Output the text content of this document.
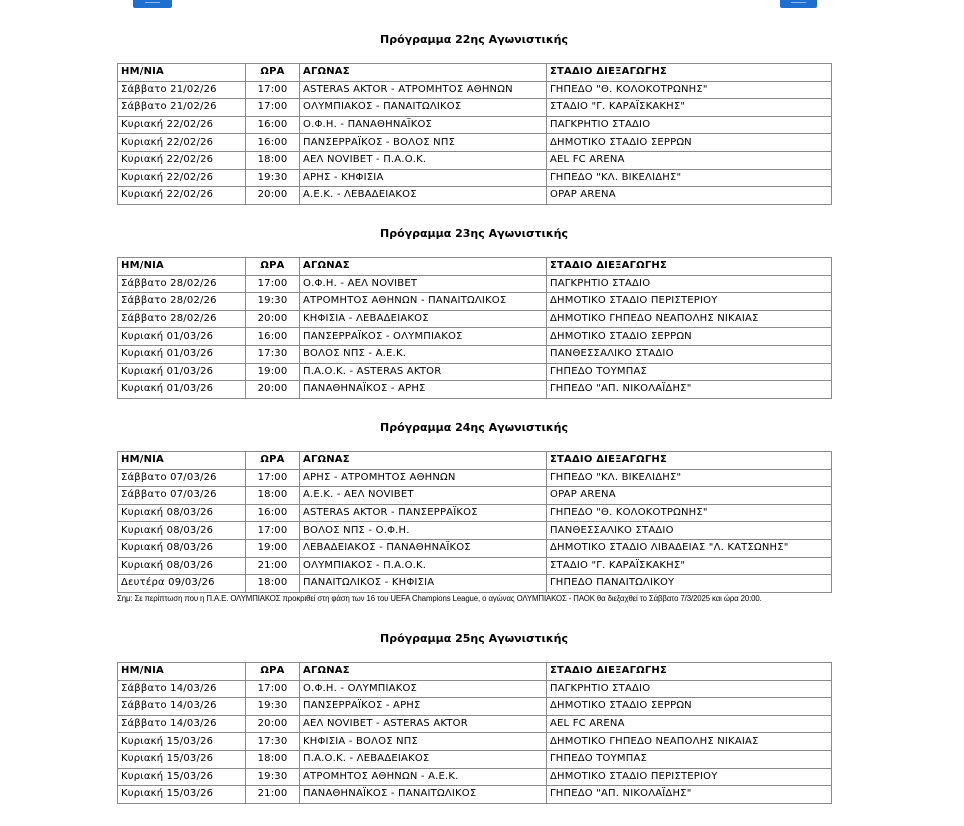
Πρόγραμμα 22ης Αγωνιστικής
ΗΜ/ΝΙΑ	ΩΡΑ	ΑΓΩΝΑΣ	ΣΤΑΔΙΟ ΔΙΕΞΑΓΩΓΗΣ
Σάββατο 21/02/26	17:00	ASTERAS AKTOR - ΑΤΡΟΜΗΤΟΣ ΑΘΗΝΩΝ	ΓΗΠΕΔΟ "Θ. ΚΟΛΟΚΟΤΡΩΝΗΣ"
Σάββατο 21/02/26	17:00	ΟΛΥΜΠΙΑΚΟΣ - ΠΑΝΑΙΤΩΛΙΚΟΣ	ΣΤΑΔΙΟ "Γ. ΚΑΡΑΪΣΚΑΚΗΣ"
Κυριακή 22/02/26	16:00	Ο.Φ.Η. - ΠΑΝΑΘΗΝΑΪΚΟΣ	ΠΑΓΚΡΗΤΙΟ ΣΤΑΔΙΟ
Κυριακή 22/02/26	16:00	ΠΑΝΣΕΡΡΑΪΚΟΣ - ΒΟΛΟΣ ΝΠΣ	ΔΗΜΟΤΙΚΟ ΣΤΑΔΙΟ ΣΕΡΡΩΝ
Κυριακή 22/02/26	18:00	ΑΕΛ NOVIBET - Π.Α.Ο.Κ.	AEL FC ARENA
Κυριακή 22/02/26	19:30	ΑΡΗΣ - ΚΗΦΙΣΙΑ	ΓΗΠΕΔΟ "ΚΛ. ΒΙΚΕΛΙΔΗΣ"
Κυριακή 22/02/26	20:00	Α.Ε.Κ. - ΛΕΒΑΔΕΙΑΚΟΣ	OPAP ARENA
Πρόγραμμα 23ης Αγωνιστικής
ΗΜ/ΝΙΑ	ΩΡΑ	ΑΓΩΝΑΣ	ΣΤΑΔΙΟ ΔΙΕΞΑΓΩΓΗΣ
Σάββατο 28/02/26	17:00	Ο.Φ.Η. - ΑΕΛ NOVIBET	ΠΑΓΚΡΗΤΙΟ ΣΤΑΔΙΟ
Σάββατο 28/02/26	19:30	ΑΤΡΟΜΗΤΟΣ ΑΘΗΝΩΝ - ΠΑΝΑΙΤΩΛΙΚΟΣ	ΔΗΜΟΤΙΚΟ ΣΤΑΔΙΟ ΠΕΡΙΣΤΕΡΙΟΥ
Σάββατο 28/02/26	20:00	ΚΗΦΙΣΙΑ - ΛΕΒΑΔΕΙΑΚΟΣ	ΔΗΜΟΤΙΚΟ ΓΗΠΕΔΟ ΝΕΑΠΟΛΗΣ ΝΙΚΑΙΑΣ
Κυριακή 01/03/26	16:00	ΠΑΝΣΕΡΡΑΪΚΟΣ - ΟΛΥΜΠΙΑΚΟΣ	ΔΗΜΟΤΙΚΟ ΣΤΑΔΙΟ ΣΕΡΡΩΝ
Κυριακή 01/03/26	17:30	ΒΟΛΟΣ ΝΠΣ - Α.Ε.Κ.	ΠΑΝΘΕΣΣΑΛΙΚΟ ΣΤΑΔΙΟ
Κυριακή 01/03/26	19:00	Π.Α.Ο.Κ. - ASTERAS AKTOR	ΓΗΠΕΔΟ ΤΟΥΜΠΑΣ
Κυριακή 01/03/26	20:00	ΠΑΝΑΘΗΝΑΪΚΟΣ - ΑΡΗΣ	ΓΗΠΕΔΟ "ΑΠ. ΝΙΚΟΛΑΪΔΗΣ"
Πρόγραμμα 24ης Αγωνιστικής
ΗΜ/ΝΙΑ	ΩΡΑ	ΑΓΩΝΑΣ	ΣΤΑΔΙΟ ΔΙΕΞΑΓΩΓΗΣ
Σάββατο 07/03/26	17:00	ΑΡΗΣ - ΑΤΡΟΜΗΤΟΣ ΑΘΗΝΩΝ	ΓΗΠΕΔΟ "ΚΛ. ΒΙΚΕΛΙΔΗΣ"
Σάββατο 07/03/26	18:00	Α.Ε.Κ. - ΑΕΛ NOVIBET	OPAP ARENA
Κυριακή 08/03/26	16:00	ASTERAS AKTOR - ΠΑΝΣΕΡΡΑΪΚΟΣ	ΓΗΠΕΔΟ "Θ. ΚΟΛΟΚΟΤΡΩΝΗΣ"
Κυριακή 08/03/26	17:00	ΒΟΛΟΣ ΝΠΣ - Ο.Φ.Η.	ΠΑΝΘΕΣΣΑΛΙΚΟ ΣΤΑΔΙΟ
Κυριακή 08/03/26	19:00	ΛΕΒΑΔΕΙΑΚΟΣ - ΠΑΝΑΘΗΝΑΪΚΟΣ	ΔΗΜΟΤΙΚΟ ΣΤΑΔΙΟ ΛΙΒΑΔΕΙΑΣ "Λ. ΚΑΤΣΩΝΗΣ"
Κυριακή 08/03/26	21:00	ΟΛΥΜΠΙΑΚΟΣ - Π.Α.Ο.Κ.	ΣΤΑΔΙΟ "Γ. ΚΑΡΑΪΣΚΑΚΗΣ"
Δευτέρα 09/03/26	18:00	ΠΑΝΑΙΤΩΛΙΚΟΣ - ΚΗΦΙΣΙΑ	ΓΗΠΕΔΟ ΠΑΝΑΙΤΩΛΙΚΟΥ
Σημ: Σε περίπτωση που η Π.Α.Ε. ΟΛΥΜΠΙΑΚΟΣ προκριθεί στη φάση των 16 του UEFA Champions League, ο αγώνας ΟΛΥΜΠΙΑΚΟΣ - ΠΑΟΚ θα διεξαχθεί το Σάββατο 7/3/2025 και ώρα 20:00.
Πρόγραμμα 25ης Αγωνιστικής
ΗΜ/ΝΙΑ	ΩΡΑ	ΑΓΩΝΑΣ	ΣΤΑΔΙΟ ΔΙΕΞΑΓΩΓΗΣ
Σάββατο 14/03/26	17:00	Ο.Φ.Η. - ΟΛΥΜΠΙΑΚΟΣ	ΠΑΓΚΡΗΤΙΟ ΣΤΑΔΙΟ
Σάββατο 14/03/26	19:30	ΠΑΝΣΕΡΡΑΪΚΟΣ - ΑΡΗΣ	ΔΗΜΟΤΙΚΟ ΣΤΑΔΙΟ ΣΕΡΡΩΝ
Σάββατο 14/03/26	20:00	ΑΕΛ NOVIBET - ASTERAS AKTOR	AEL FC ARENA
Κυριακή 15/03/26	17:30	ΚΗΦΙΣΙΑ - ΒΟΛΟΣ ΝΠΣ	ΔΗΜΟΤΙΚΟ ΓΗΠΕΔΟ ΝΕΑΠΟΛΗΣ ΝΙΚΑΙΑΣ
Κυριακή 15/03/26	18:00	Π.Α.Ο.Κ. - ΛΕΒΑΔΕΙΑΚΟΣ	ΓΗΠΕΔΟ ΤΟΥΜΠΑΣ
Κυριακή 15/03/26	19:30	ΑΤΡΟΜΗΤΟΣ ΑΘΗΝΩΝ - Α.Ε.Κ.	ΔΗΜΟΤΙΚΟ ΣΤΑΔΙΟ ΠΕΡΙΣΤΕΡΙΟΥ
Κυριακή 15/03/26	21:00	ΠΑΝΑΘΗΝΑΪΚΟΣ - ΠΑΝΑΙΤΩΛΙΚΟΣ	ΓΗΠΕΔΟ "ΑΠ. ΝΙΚΟΛΑΪΔΗΣ"
